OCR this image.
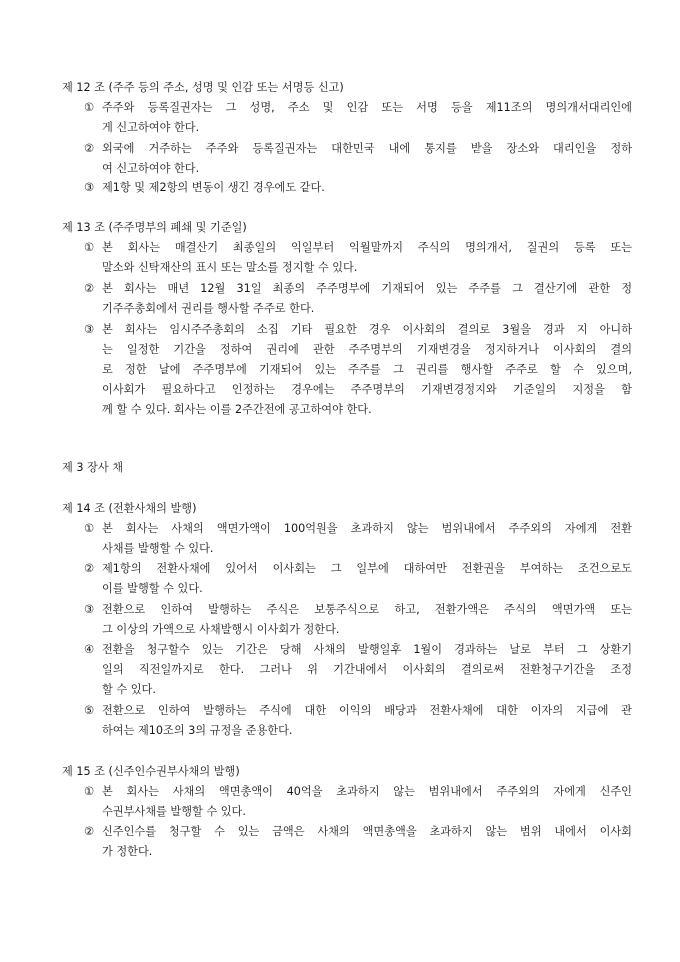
제 12 조 (주주 등의 주소, 성명 및 인감 또는 서명등 신고)
① 주주와 등록질권자는 그 성명, 주소 및 인감 또는 서명 등을 제11조의 명의개서대리인에
게 신고하여야 한다.
② 외국에 거주하는 주주와 등록질권자는 대한민국 내에 통지를 받을 장소와 대리인을 정하
여 신고하여야 한다.
③ 제1항 및 제2항의 변동이 생긴 경우에도 같다.
제 13 조 (주주명부의 폐쇄 및 기준일)
① 본 회사는 매결산기 최종일의 익일부터 익월말까지 주식의 명의개서, 질권의 등록 또는
말소와 신탁재산의 표시 또는 말소를 정지할 수 있다.
② 본 회사는 매년 12월 31일 최종의 주주명부에 기재되어 있는 주주를 그 결산기에 관한 정
기주주총회에서 권리를 행사할 주주로 한다.
③ 본 회사는 임시주주총회의 소집 기타 필요한 경우 이사회의 결의로 3월을 경과 지 아니하
는 일정한 기간을 정하여 권리에 관한 주주명부의 기재변경을 정지하거나 이사회의 결의
로 정한 날에 주주명부에 기재되어 있는 주주를 그 권리를 행사할 주주로 할 수 있으며,
이사회가 필요하다고 인정하는 경우에는 주주명부의 기재변경정지와 기준일의 지정을 함
께 할 수 있다. 회사는 이를 2주간전에 공고하여야 한다.
제 3 장사 채
제 14 조 (전환사채의 발행)
① 본 회사는 사채의 액면가액이 100억원을 초과하지 않는 범위내에서 주주외의 자에게 전환
사채를 발행할 수 있다.
② 제1항의 전환사채에 있어서 이사회는 그 일부에 대하여만 전환권을 부여하는 조건으로도
이를 발행할 수 있다.
③ 전환으로 인하여 발행하는 주식은 보통주식으로 하고, 전환가액은 주식의 액면가액 또는
그 이상의 가액으로 사채발행시 이사회가 정한다.
④ 전환을 청구할수 있는 기간은 당해 사채의 발행일후 1월이 경과하는 날로 부터 그 상환기
일의 직전일까지로 한다. 그러나 위 기간내에서 이사회의 결의로써 전환청구기간을 조정
할 수 있다.
⑤ 전환으로 인하여 발행하는 주식에 대한 이익의 배당과 전환사채에 대한 이자의 지급에 관
하여는 제10조의 3의 규정을 준용한다.
제 15 조 (신주인수권부사채의 발행)
① 본 회사는 사채의 액면총액이 40억을 초과하지 않는 범위내에서 주주외의 자에게 신주인
수권부사채를 발행할 수 있다.
② 신주인수를 청구할 수 있는 금액은 사채의 액면총액을 초과하지 않는 범위 내에서 이사회
가 정한다.
